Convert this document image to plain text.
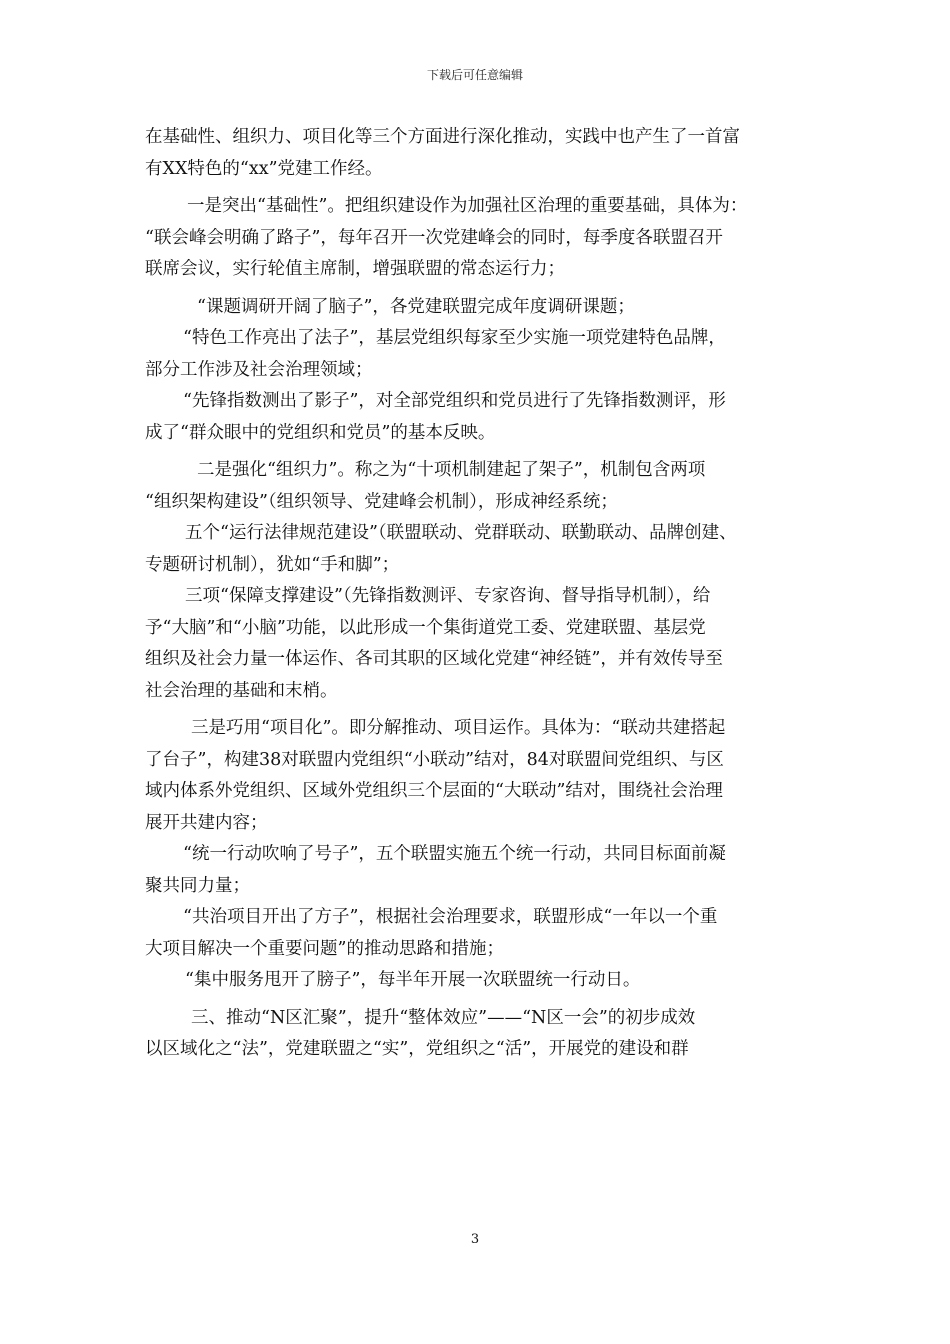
下载后可任意编辑

在基础性、组织力、项目化等三个方面进行深化推动，实践中也产生了一首富

有XX特色的“xx”党建工作经。

一是突出“基础性”。把组织建设作为加强社区治理的重要基础，具体为：

“联会峰会明确了路子”，每年召开一次党建峰会的同时，每季度各联盟召开

联席会议，实行轮值主席制，增强联盟的常态运行力；

“课题调研开阔了脑子”，各党建联盟完成年度调研课题；

“特色工作亮出了法子”，基层党组织每家至少实施一项党建特色品牌，

部分工作涉及社会治理领域；

“先锋指数测出了影子”，对全部党组织和党员进行了先锋指数测评，形

成了“群众眼中的党组织和党员”的基本反映。

二是强化“组织力”。称之为“十项机制建起了架子”，机制包含两项

“组织架构建设”（组织领导、党建峰会机制），形成神经系统；

五个“运行法律规范建设”（联盟联动、党群联动、联勤联动、品牌创建、

专题研讨机制），犹如“手和脚”；

三项“保障支撑建设”（先锋指数测评、专家咨询、督导指导机制），给

予“大脑”和“小脑”功能，以此形成一个集街道党工委、党建联盟、基层党

组织及社会力量一体运作、各司其职的区域化党建“神经链”，并有效传导至

社会治理的基础和末梢。

三是巧用“项目化”。即分解推动、项目运作。具体为：“联动共建搭起

了台子”，构建38对联盟内党组织“小联动”结对，84对联盟间党组织、与区

域内体系外党组织、区域外党组织三个层面的“大联动”结对，围绕社会治理

展开共建内容；

“统一行动吹响了号子”，五个联盟实施五个统一行动，共同目标面前凝

聚共同力量；

“共治项目开出了方子”，根据社会治理要求，联盟形成“一年以一个重

大项目解决一个重要问题”的推动思路和措施；

“集中服务甩开了膀子”，每半年开展一次联盟统一行动日。

三、推动“N区汇聚”，提升“整体效应”——“N区一会”的初步成效

以区域化之“法”，党建联盟之“实”，党组织之“活”，开展党的建设和群

3
